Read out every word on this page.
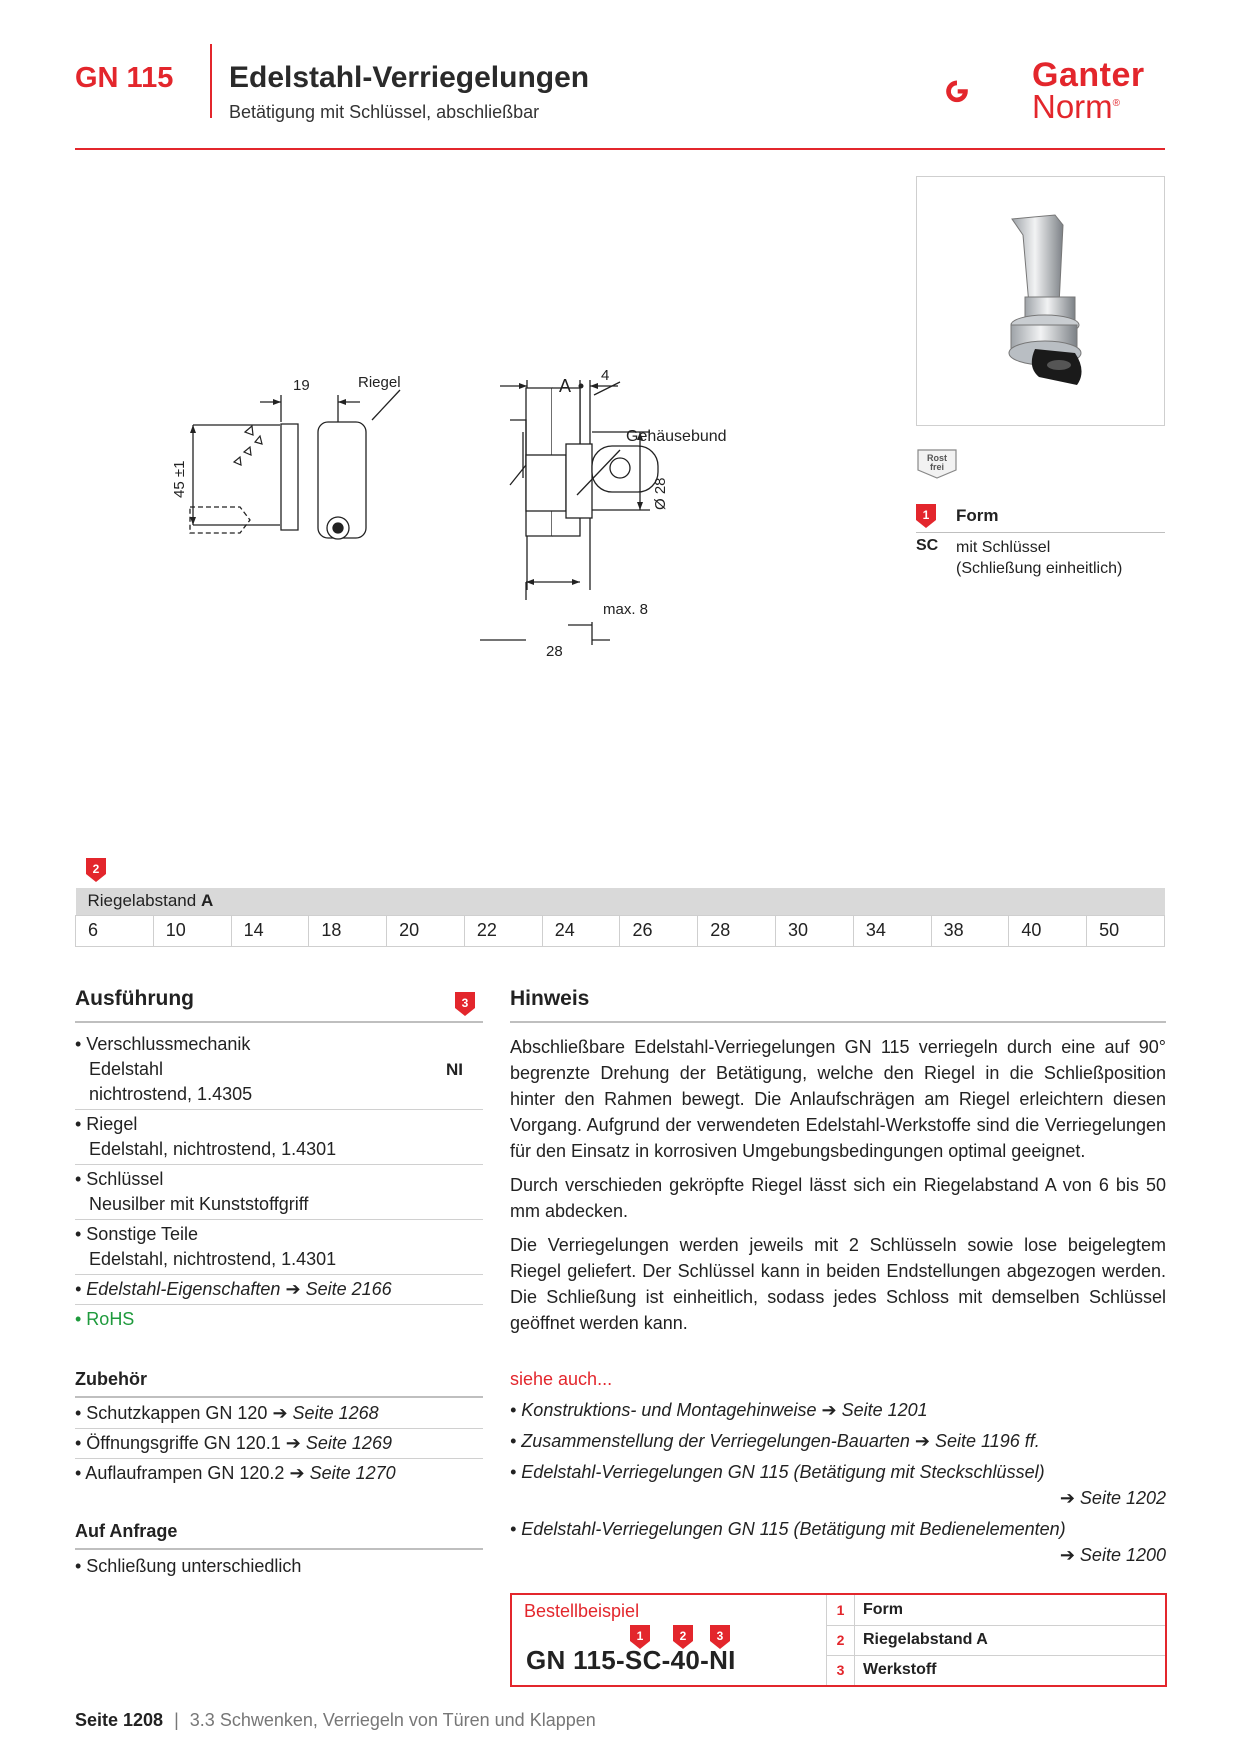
GN 115 Edelstahl-Verriegelungen
Betätigung mit Schlüssel, abschließbar
Ganter
Norm®
19	Riegel
45 ±1
A
4
Gehäusebund
Ø 28
max. 8
28
Rost
frei
1 Form
SC mit Schlüssel
(Schließung einheitlich)
2
Riegelabstand A
6	10	14	18	20	22	24	26	28	30	34	38	40	50
Ausführung	3
• Verschlussmechanik
Edelstahl
nichtrostend, 1.4305
NI
• Riegel
Edelstahl, nichtrostend, 1.4301
• Schlüssel
Neusilber mit Kunststoffgriff
• Sonstige Teile
Edelstahl, nichtrostend, 1.4301
• Edelstahl-Eigenschaften ➔ Seite 2166
• RoHS
Zubehör
• Schutzkappen GN 120 ➔ Seite 1268
• Öffnungsgriffe GN 120.1 ➔ Seite 1269
• Auflauframpen GN 120.2 ➔ Seite 1270
Auf Anfrage
• Schließung unterschiedlich
Hinweis

Abschließbare Edelstahl-Verriegelungen GN 115 verriegeln durch eine auf 90° begrenzte Drehung der Betätigung, welche den Riegel in die Schließposition hinter den Rahmen bewegt. Die Anlaufschrägen am Riegel erleichtern diesen Vorgang. Aufgrund der verwendeten Edelstahl-Werkstoffe sind die Verriegelungen für den Einsatz in korrosiven Umgebungsbedingungen optimal geeignet.

Durch verschieden gekröpfte Riegel lässt sich ein Riegelabstand A von 6 bis 50 mm abdecken.

Die Verriegelungen werden jeweils mit 2 Schlüsseln sowie lose beigelegtem Riegel geliefert. Der Schlüssel kann in beiden Endstellungen abgezogen werden. Die Schließung ist einheitlich, sodass jedes Schloss mit demselben Schlüssel geöffnet werden kann.

siehe auch...
• Konstruktions- und Montagehinweise ➔ Seite 1201
• Zusammenstellung der Verriegelungen-Bauarten ➔ Seite 1196 ff.
• Edelstahl-Verriegelungen GN 115 (Betätigung mit Steckschlüssel)
➔ Seite 1202
• Edelstahl-Verriegelungen GN 115 (Betätigung mit Bedienelementen)
➔ Seite 1200
Bestellbeispiel
1	2	3
GN 115-SC-40-NI
1	Form
2	Riegelabstand A
3	Werkstoff
Seite 1208 | 3.3 Schwenken, Verriegeln von Türen und Klappen
